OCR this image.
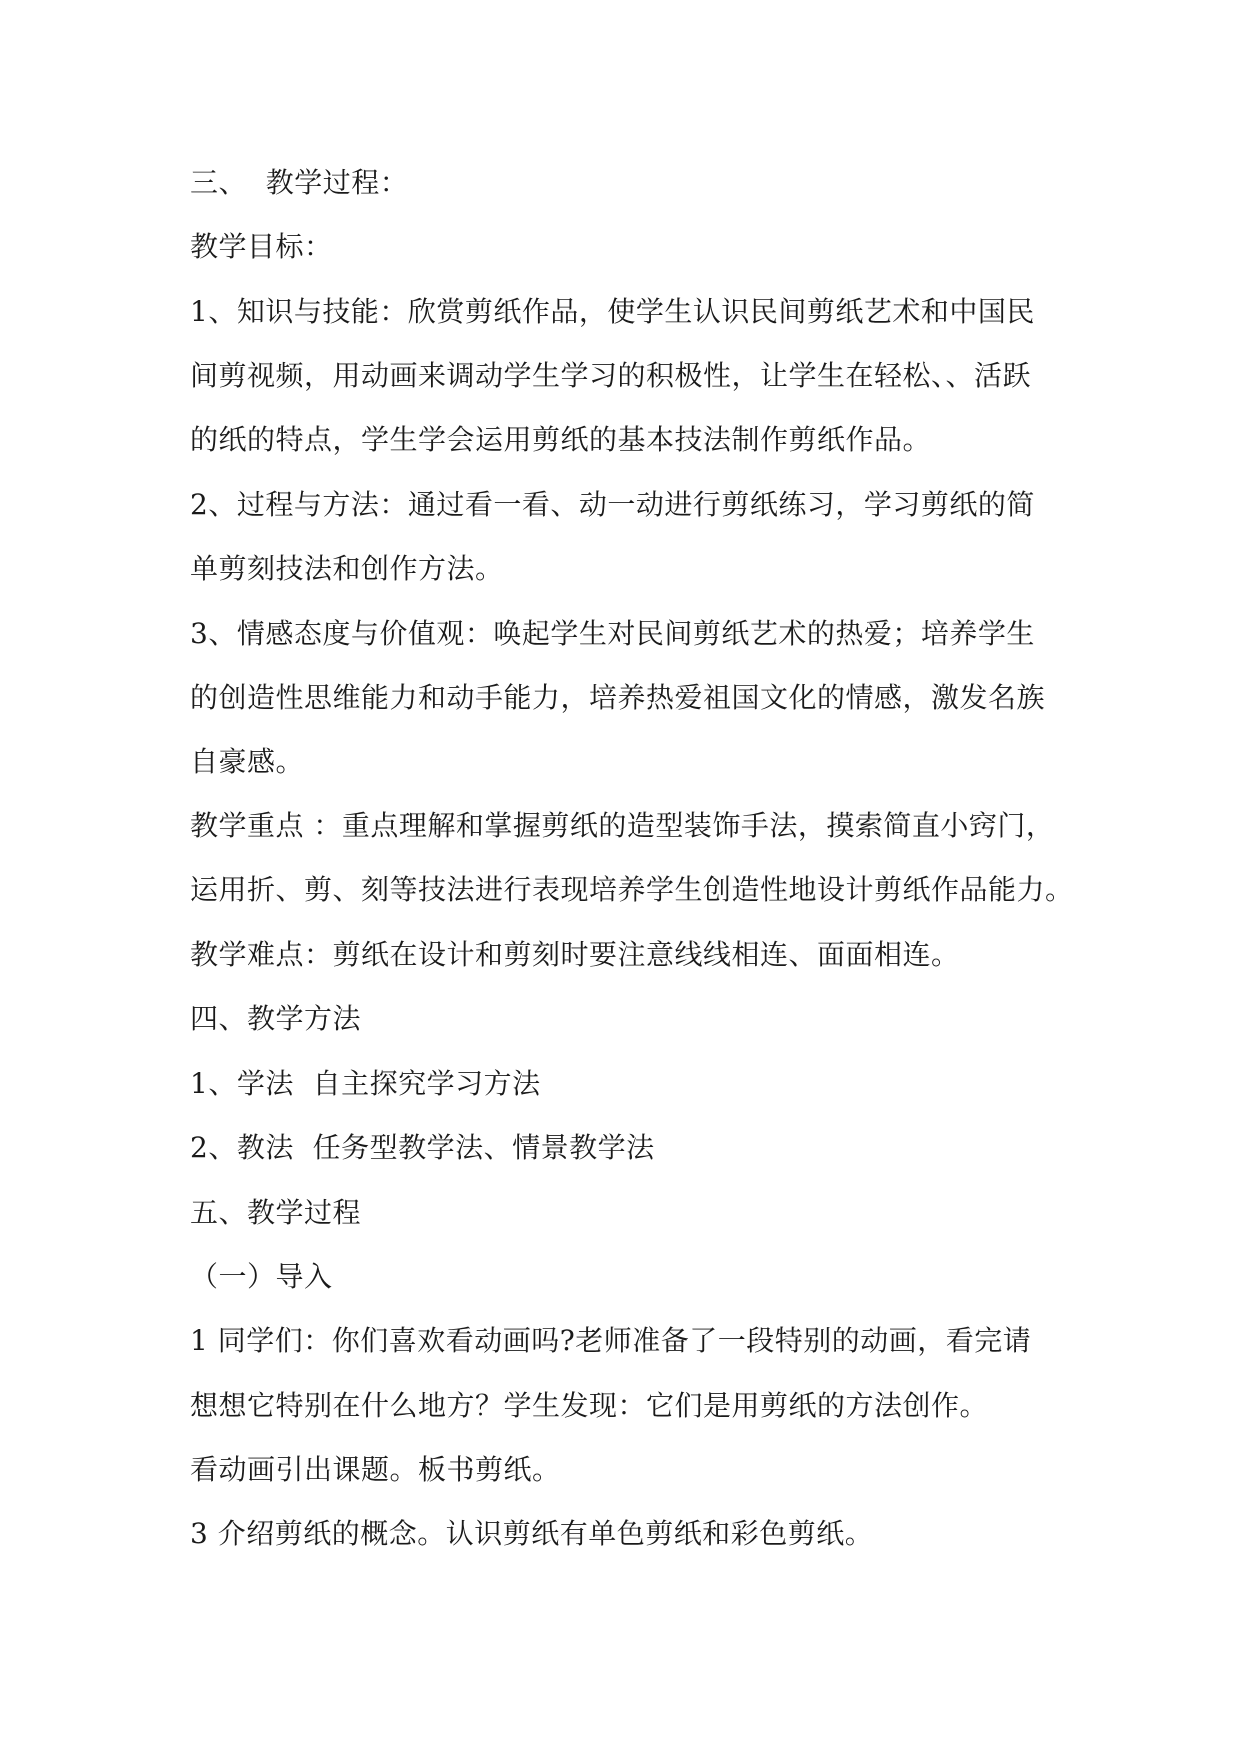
三、  教学过程：
教学目标：
1、知识与技能：欣赏剪纸作品，使学生认识民间剪纸艺术和中国民
间剪视频，用动画来调动学生学习的积极性，让学生在轻松、、活跃
的纸的特点，学生学会运用剪纸的基本技法制作剪纸作品。
2、过程与方法：通过看一看、动一动进行剪纸练习，学习剪纸的简
单剪刻技法和创作方法。
3、情感态度与价值观：唤起学生对民间剪纸艺术的热爱；培养学生
的创造性思维能力和动手能力，培养热爱祖国文化的情感，激发名族
自豪感。
教学重点 ：重点理解和掌握剪纸的造型装饰手法，摸索简直小窍门，
运用折、剪、刻等技法进行表现培养学生创造性地设计剪纸作品能力。
教学难点：剪纸在设计和剪刻时要注意线线相连、面面相连。
四、教学方法
1、学法  自主探究学习方法
2、教法  任务型教学法、情景教学法
五、教学过程
（一）导入
1 同学们：你们喜欢看动画吗?老师准备了一段特别的动画，看完请
想想它特别在什么地方？学生发现：它们是用剪纸的方法创作。
看动画引出课题。板书剪纸。
3 介绍剪纸的概念。认识剪纸有单色剪纸和彩色剪纸。
